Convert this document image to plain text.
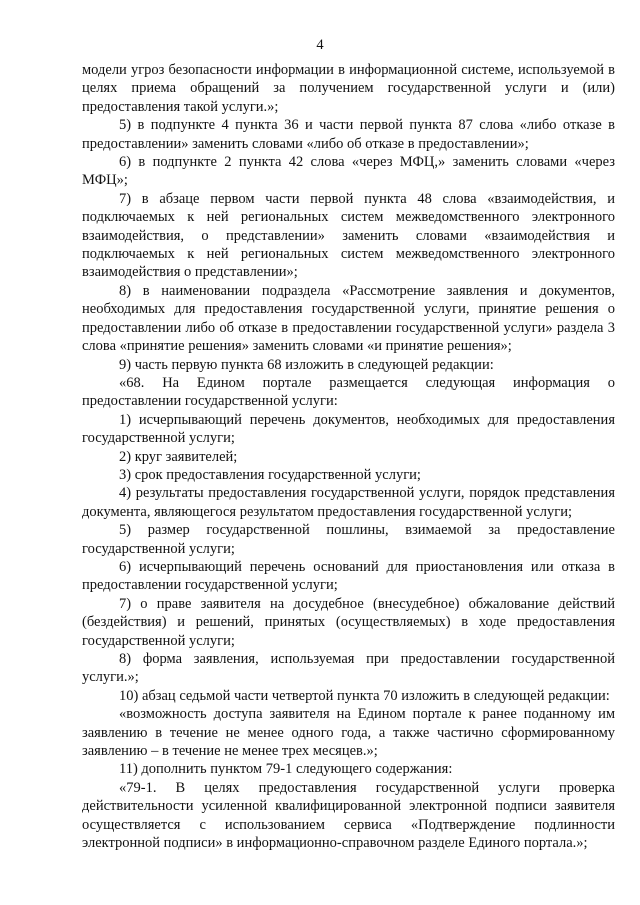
4

модели угроз безопасности информации в информационной системе, используемой в целях приема обращений за получением государственной услуги и (или) предоставления такой услуги.»;

5) в подпункте 4 пункта 36 и части первой пункта 87 слова «либо отказе в предоставлении» заменить словами «либо об отказе в предоставлении»;

6) в подпункте 2 пункта 42 слова «через МФЦ,» заменить словами «через МФЦ»;

7) в абзаце первом части первой пункта 48 слова «взаимодействия, и подключаемых к ней региональных систем межведомственного электронного взаимодействия, о представлении» заменить словами «взаимодействия и подключаемых к ней региональных систем межведомственного электронного взаимодействия о представлении»;

8) в наименовании подраздела «Рассмотрение заявления и документов, необходимых для предоставления государственной услуги, принятие решения о предоставлении либо об отказе в предоставлении государственной услуги» раздела 3 слова «принятие решения» заменить словами «и принятие решения»;

9) часть первую пункта 68 изложить в следующей редакции:

«68. На Едином портале размещается следующая информация о предоставлении государственной услуги:

1) исчерпывающий перечень документов, необходимых для предоставления государственной услуги;

2) круг заявителей;

3) срок предоставления государственной услуги;

4) результаты предоставления государственной услуги, порядок представления документа, являющегося результатом предоставления государственной услуги;

5) размер государственной пошлины, взимаемой за предоставление государственной услуги;

6) исчерпывающий перечень оснований для приостановления или отказа в предоставлении государственной услуги;

7) о праве заявителя на досудебное (внесудебное) обжалование действий (бездействия) и решений, принятых (осуществляемых) в ходе предоставления государственной услуги;

8) форма заявления, используемая при предоставлении государственной услуги.»;

10) абзац седьмой части четвертой пункта 70 изложить в следующей редакции:

«возможность доступа заявителя на Едином портале к ранее поданному им заявлению в течение не менее одного года, а также частично сформированному заявлению – в течение не менее трех месяцев.»;

11) дополнить пунктом 79-1 следующего содержания:

«79-1. В целях предоставления государственной услуги проверка действительности усиленной квалифицированной электронной подписи заявителя осуществляется с использованием сервиса «Подтверждение подлинности электронной подписи» в информационно-справочном разделе Единого портала.»;
